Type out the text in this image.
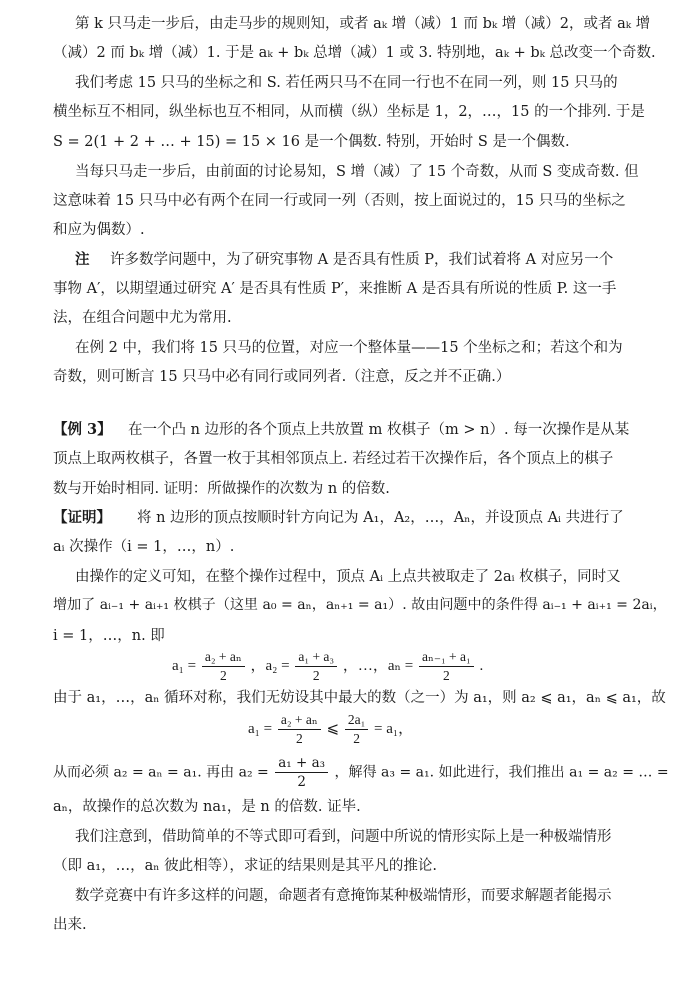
第 k 只马走一步后，由走马步的规则知，或者 aₖ 增（减）1 而 bₖ 增（减）2，或者 aₖ 增
（减）2 而 bₖ 增（减）1. 于是 aₖ + bₖ 总增（减）1 或 3. 特别地，aₖ + bₖ 总改变一个奇数.
我们考虑 15 只马的坐标之和 S. 若任两只马不在同一行也不在同一列，则 15 只马的
横坐标互不相同，纵坐标也互不相同，从而横（纵）坐标是 1，2，…，15 的一个排列. 于是
S = 2(1 + 2 + … + 15) = 15 × 16 是一个偶数. 特别，开始时 S 是一个偶数.
当每只马走一步后，由前面的讨论易知，S 增（减）了 15 个奇数，从而 S 变成奇数. 但
这意味着 15 只马中必有两个在同一行或同一列（否则，按上面说过的，15 只马的坐标之
和应为偶数）.
注 许多数学问题中，为了研究事物 A 是否具有性质 P，我们试着将 A 对应另一个
事物 A′，以期望通过研究 A′ 是否具有性质 P′，来推断 A 是否具有所说的性质 P. 这一手
法，在组合问题中尤为常用.
在例 2 中，我们将 15 只马的位置，对应一个整体量——15 个坐标之和；若这个和为
奇数，则可断言 15 只马中必有同行或同列者.（注意，反之并不正确.）
【例 3】 在一个凸 n 边形的各个顶点上共放置 m 枚棋子（m > n）. 每一次操作是从某
顶点上取两枚棋子，各置一枚于其相邻顶点上. 若经过若干次操作后，各个顶点上的棋子
数与开始时相同. 证明：所做操作的次数为 n 的倍数.
【证明】 将 n 边形的顶点按顺时针方向记为 A₁，A₂，…，Aₙ，并设顶点 Aᵢ 共进行了
aᵢ 次操作（i = 1，…，n）.
由操作的定义可知，在整个操作过程中，顶点 Aᵢ 上点共被取走了 2aᵢ 枚棋子，同时又
增加了 aᵢ₋₁ + aᵢ₊₁ 枚棋子（这里 a₀ = aₙ，aₙ₊₁ = a₁）. 故由问题中的条件得 aᵢ₋₁ + aᵢ₊₁ = 2aᵢ，
i = 1，…，n. 即
$a_1 = \frac{\text{a₂ + aₙ}}{2}$ ，$a_2 = \frac{\text{a₁ + a₃}}{2}$ ，…，$a_n = \frac{\text{aₙ₋₁ + a₁}}{2}$ .
由于 a₁，…，aₙ 循环对称，我们无妨设其中最大的数（之一）为 a₁，则 a₂ ⩽ a₁，aₙ ⩽ a₁，故
$a_1 = \frac{\text{a₂ + aₙ}}{2}$ ⩽ $\frac{\text{2a₁}}{2} = a_1$，
从而必须 a₂ = aₙ = a₁. 再由 $a_2 = \frac{\text{a₁ + a₃}}{2}$ ，解得 a₃ = a₁. 如此进行，我们推出 a₁ = a₂ = … =
aₙ，故操作的总次数为 na₁，是 n 的倍数. 证毕.
我们注意到，借助简单的不等式即可看到，问题中所说的情形实际上是一种极端情形
（即 a₁，…，aₙ 彼此相等），求证的结果则是其平凡的推论.
数学竞赛中有许多这样的问题，命题者有意掩饰某种极端情形，而要求解题者能揭示
出来.
